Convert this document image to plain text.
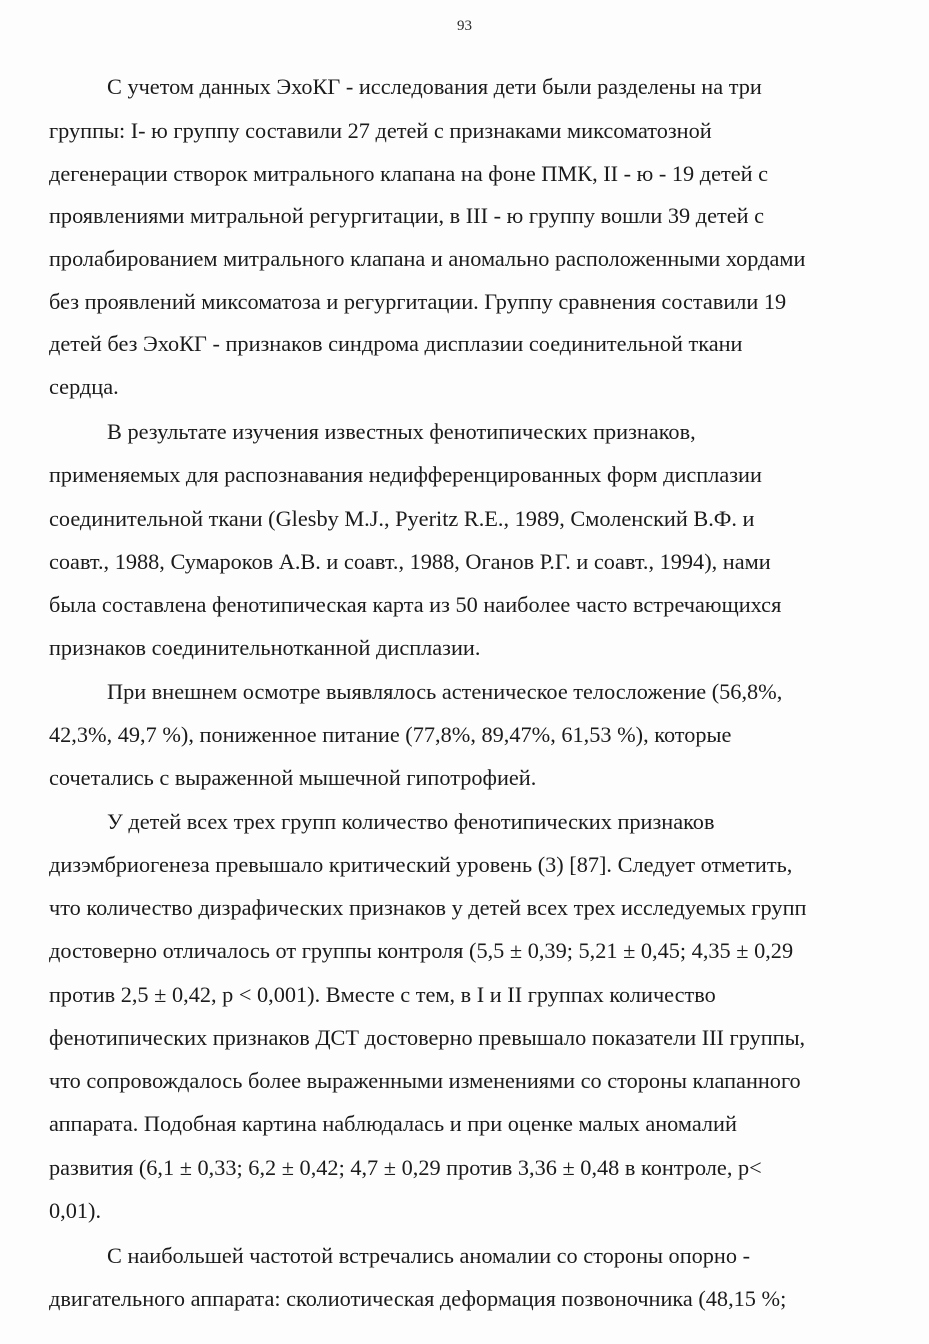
93
С учетом данных ЭхоКГ - исследования дети были разделены на три
группы: I- ю группу составили 27 детей с признаками миксоматозной
дегенерации створок митрального клапана на фоне ПМК, II - ю - 19 детей с
проявлениями митральной регургитации, в III - ю группу вошли 39 детей с
пролабированием митрального клапана и аномально расположенными хордами
без проявлений миксоматоза и регургитации. Группу сравнения составили 19
детей без ЭхоКГ - признаков синдрома дисплазии соединительной ткани
сердца.
В результате изучения известных фенотипических признаков,
применяемых для распознавания недифференцированных форм дисплазии
соединительной ткани (Glesby M.J., Pyeritz R.E., 1989, Смоленский В.Ф. и
соавт., 1988, Сумароков А.В. и соавт., 1988, Оганов Р.Г. и соавт., 1994), нами
была составлена фенотипическая карта из 50 наиболее часто встречающихся
признаков соединительнотканной дисплазии.
При внешнем осмотре выявлялось астеническое телосложение (56,8%,
42,3%, 49,7 %), пониженное питание (77,8%, 89,47%, 61,53 %), которые
сочетались с выраженной мышечной гипотрофией.
У детей всех трех групп количество фенотипических признаков
дизэмбриогенеза превышало критический уровень (3) [87]. Следует отметить,
что количество дизрафических признаков у детей всех трех исследуемых групп
достоверно отличалось от группы контроля (5,5 ± 0,39; 5,21 ± 0,45; 4,35 ± 0,29
против 2,5 ± 0,42, р < 0,001). Вместе с тем, в I и II группах количество
фенотипических признаков ДСТ достоверно превышало показатели III группы,
что сопровождалось более выраженными изменениями со стороны клапанного
аппарата. Подобная картина наблюдалась и при оценке малых аномалий
развития (6,1 ± 0,33; 6,2 ± 0,42; 4,7 ± 0,29 против 3,36 ± 0,48 в контроле, р<
0,01).
С наибольшей частотой встречались аномалии со стороны опорно -
двигательного аппарата: сколиотическая деформация позвоночника (48,15 %;
